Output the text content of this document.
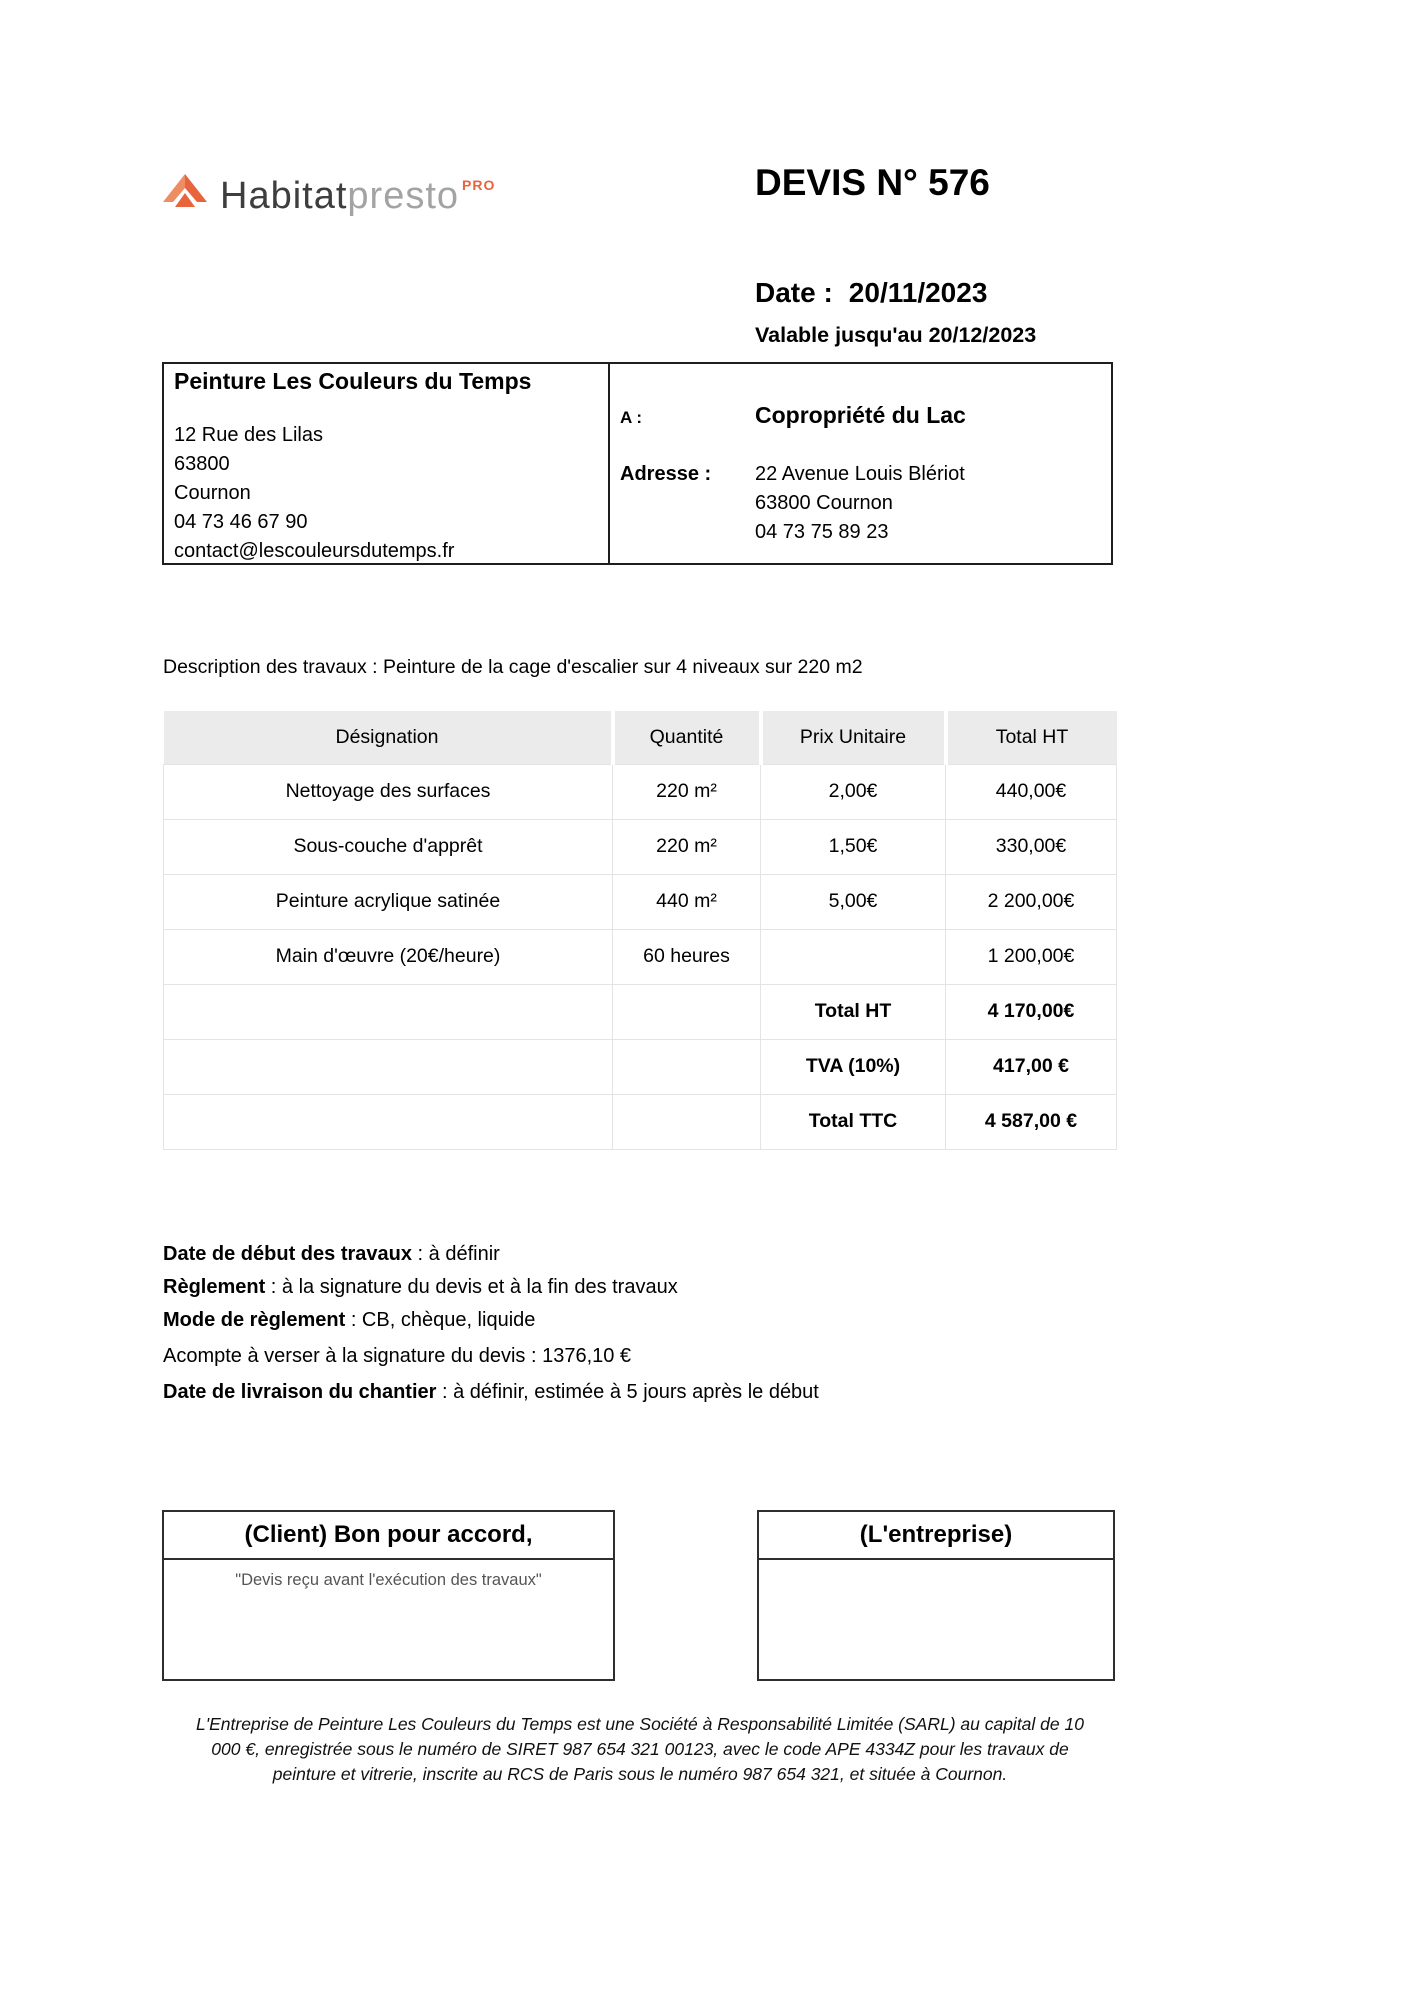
Habitatpresto $^{PRO}$	DEVIS N° 576
Date : 20/11/2023
Valable jusqu'au 20/12/2023
Peinture Les Couleurs du Temps
12 Rue des Lilas
63800
Cournon
04 73 46 67 90
contact@lescouleursdutemps.fr
A :	Copropriété du Lac
Adresse :	22 Avenue Louis Blériot
63800 Cournon
04 73 75 89 23
Description des travaux : Peinture de la cage d'escalier sur 4 niveaux sur 220 m2
Désignation	Quantité	Prix Unitaire	Total HT
Nettoyage des surfaces	220 m²	2,00€	440,00€
Sous-couche d'apprêt	220 m²	1,50€	330,00€
Peinture acrylique satinée	440 m²	5,00€	2 200,00€
Main d'œuvre (20€/heure)	60 heures		1 200,00€
		Total HT	4 170,00€
		TVA (10%)	417,00 €
		Total TTC	4 587,00 €

Date de début des travaux : à définir

Règlement : à la signature du devis et à la fin des travaux

Mode de règlement : CB, chèque, liquide

Acompte à verser à la signature du devis : 1376,10 €

Date de livraison du chantier : à définir, estimée à 5 jours après le début

(Client) Bon pour accord,
"Devis reçu avant l'exécution des travaux"
(L'entreprise)
L'Entreprise de Peinture Les Couleurs du Temps est une Société à Responsabilité Limitée (SARL) au capital de 10 000 €, enregistrée sous le numéro de SIRET 987 654 321 00123, avec le code APE 4334Z pour les travaux de peinture et vitrerie, inscrite au RCS de Paris sous le numéro 987 654 321, et située à Cournon.
